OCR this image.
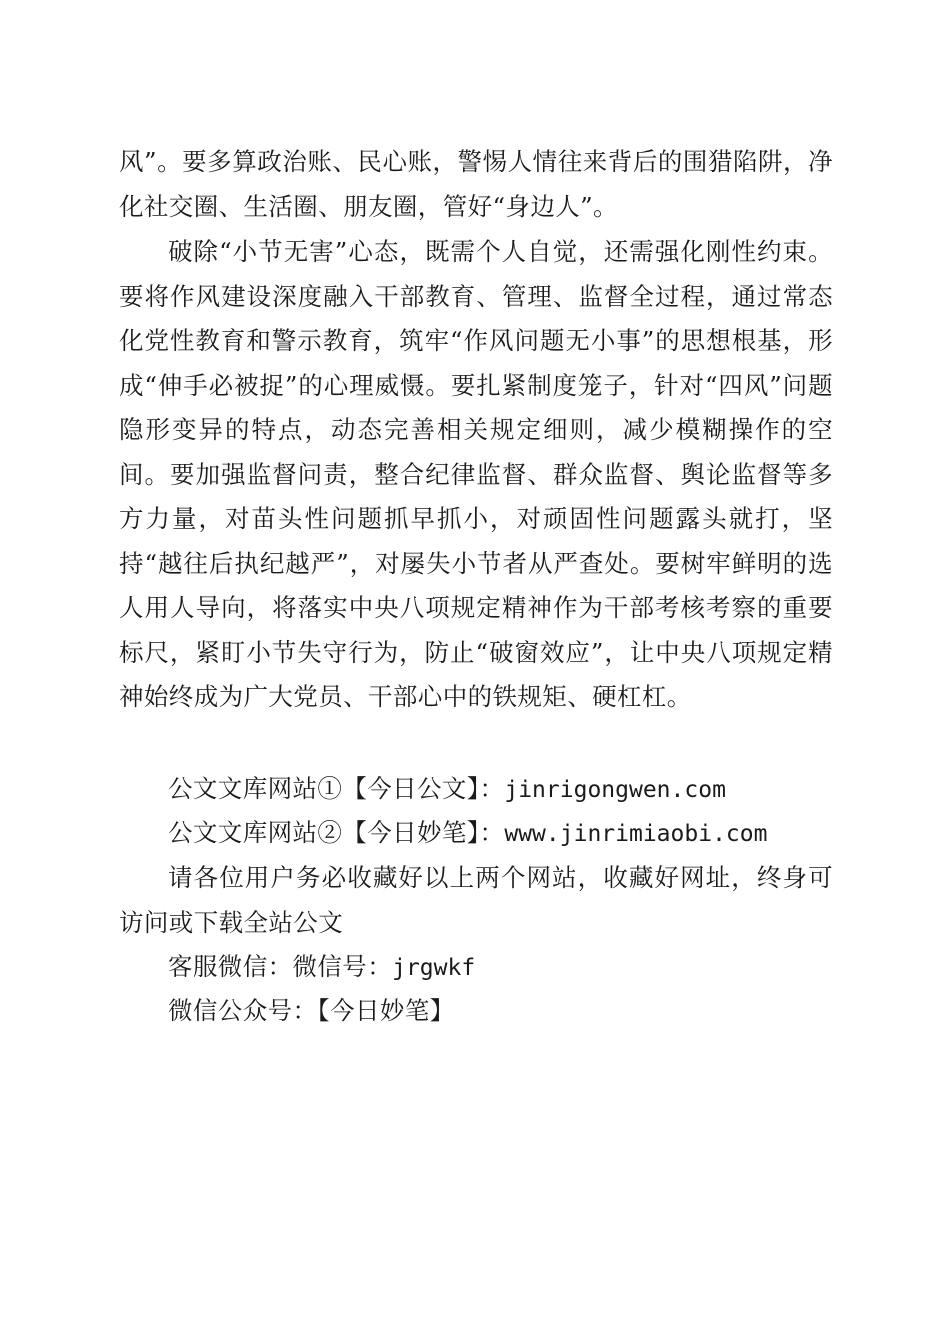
风”。要多算政治账、民心账，警惕人情往来背后的围猎陷阱，净化社交圈、生活圈、朋友圈，管好“身边人”。

破除“小节无害”心态，既需个人自觉，还需强化刚性约束。要将作风建设深度融入干部教育、管理、监督全过程，通过常态化党性教育和警示教育，筑牢“作风问题无小事”的思想根基，形成“伸手必被捉”的心理威慑。要扎紧制度笼子，针对“四风”问题隐形变异的特点，动态完善相关规定细则，减少模糊操作的空间。要加强监督问责，整合纪律监督、群众监督、舆论监督等多方力量，对苗头性问题抓早抓小，对顽固性问题露头就打，坚持“越往后执纪越严”，对屡失小节者从严查处。要树牢鲜明的选人用人导向，将落实中央八项规定精神作为干部考核考察的重要标尺，紧盯小节失守行为，防止“破窗效应”，让中央八项规定精神始终成为广大党员、干部心中的铁规矩、硬杠杠。

公文文库网站①【今日公文】：jinrigongwen.com

公文文库网站②【今日妙笔】：www.jinrimiaobi.com

请各位用户务必收藏好以上两个网站，收藏好网址，终身可访问或下载全站公文

客服微信：微信号：jrgwkf

微信公众号：【今日妙笔】
